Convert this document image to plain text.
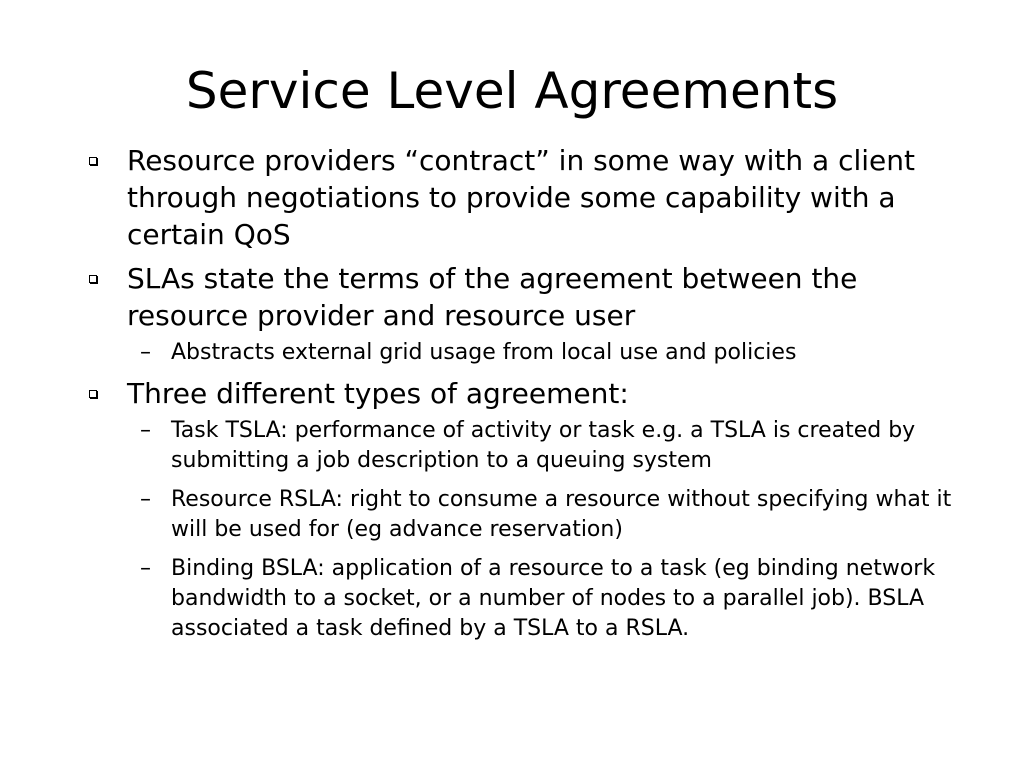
Service Level Agreements
Resource providers “contract” in some way with a client through negotiations to provide some capability with a certain QoS
SLAs state the terms of the agreement between the resource provider and resource user
– Abstracts external grid usage from local use and policies
Three different types of agreement:
– Task TSLA: performance of activity or task e.g. a TSLA is created by submitting a job description to a queuing system
– Resource RSLA: right to consume a resource without specifying what it will be used for (eg advance reservation)
– Binding BSLA: application of a resource to a task (eg binding network bandwidth to a socket, or a number of nodes to a parallel job). BSLA associated a task defined by a TSLA to a RSLA.
